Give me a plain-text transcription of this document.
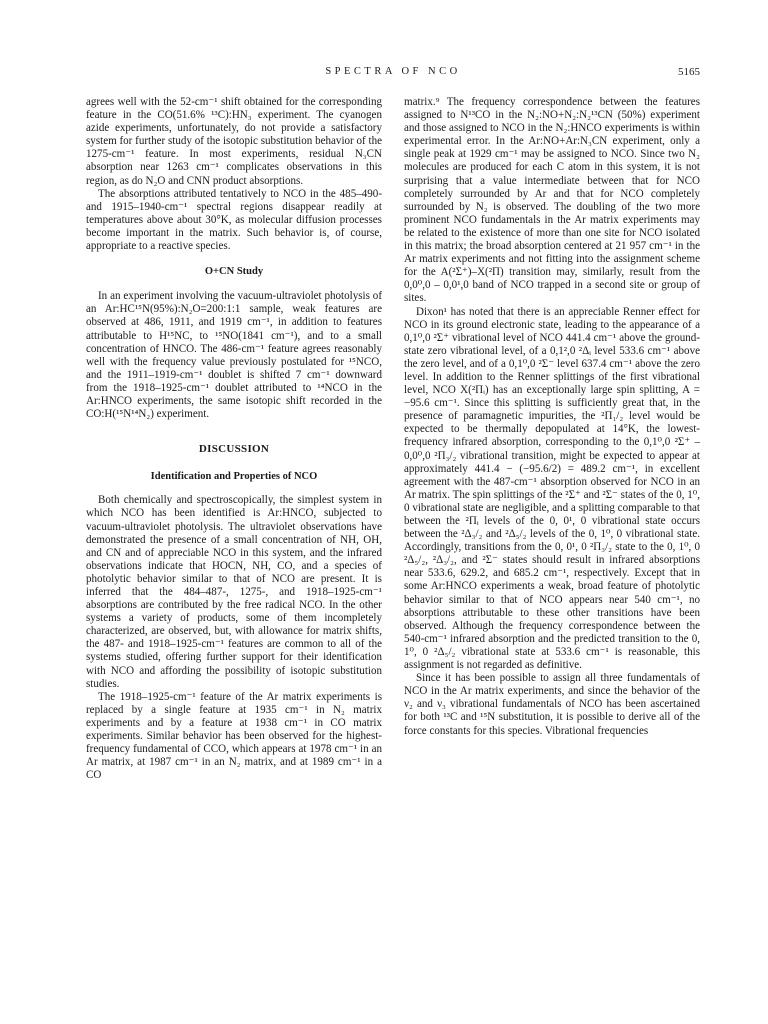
SPECTRA OF NCO	5165

agrees well with the 52-cm⁻¹ shift obtained for the corresponding feature in the CO(51.6% ¹³C):HN₃ experiment. The cyanogen azide experiments, unfortunately, do not provide a satisfactory system for further study of the isotopic substitution behavior of the 1275-cm⁻¹ feature. In most experiments, residual N₃CN absorption near 1263 cm⁻¹ complicates observations in this region, as do N₂O and CNN product absorptions.

The absorptions attributed tentatively to NCO in the 485–490- and 1915–1940-cm⁻¹ spectral regions disappear readily at temperatures above about 30°K, as molecular diffusion processes become important in the matrix. Such behavior is, of course, appropriate to a reactive species.

O+CN Study

In an experiment involving the vacuum-ultraviolet photolysis of an Ar:HC¹⁵N(95%):N₂O=200:1:1 sample, weak features are observed at 486, 1911, and 1919 cm⁻¹, in addition to features attributable to H¹⁵NC, to ¹⁵NO(1841 cm⁻¹), and to a small concentration of HNCO. The 486-cm⁻¹ feature agrees reasonably well with the frequency value previously postulated for ¹⁵NCO, and the 1911–1919-cm⁻¹ doublet is shifted 7 cm⁻¹ downward from the 1918–1925-cm⁻¹ doublet attributed to ¹⁴NCO in the Ar:HNCO experiments, the same isotopic shift recorded in the CO:H(¹⁵N¹⁴N₂) experiment.

DISCUSSION
Identification and Properties of NCO

Both chemically and spectroscopically, the simplest system in which NCO has been identified is Ar:HNCO, subjected to vacuum-ultraviolet photolysis. The ultraviolet observations have demonstrated the presence of a small concentration of NH, OH, and CN and of appreciable NCO in this system, and the infrared observations indicate that HOCN, NH, CO, and a species of photolytic behavior similar to that of NCO are present. It is inferred that the 484–487-, 1275-, and 1918–1925-cm⁻¹ absorptions are contributed by the free radical NCO. In the other systems a variety of products, some of them incompletely characterized, are observed, but, with allowance for matrix shifts, the 487- and 1918–1925-cm⁻¹ features are common to all of the systems studied, offering further support for their identification with NCO and affording the possibility of isotopic substitution studies.

The 1918–1925-cm⁻¹ feature of the Ar matrix experiments is replaced by a single feature at 1935 cm⁻¹ in N₂ matrix experiments and by a feature at 1938 cm⁻¹ in CO matrix experiments. Similar behavior has been observed for the highest-frequency fundamental of CCO, which appears at 1978 cm⁻¹ in an Ar matrix, at 1987 cm⁻¹ in an N₂ matrix, and at 1989 cm⁻¹ in a CO

matrix.⁹ The frequency correspondence between the features assigned to N¹³CO in the N₂:NO+N₂:N₂¹³CN (50%) experiment and those assigned to NCO in the N₂:HNCO experiments is within experimental error. In the Ar:NO+Ar:N₃CN experiment, only a single peak at 1929 cm⁻¹ may be assigned to NCO. Since two N₂ molecules are produced for each C atom in this system, it is not surprising that a value intermediate between that for NCO completely surrounded by Ar and that for NCO completely surrounded by N₂ is observed. The doubling of the two more prominent NCO fundamentals in the Ar matrix experiments may be related to the existence of more than one site for NCO isolated in this matrix; the broad absorption centered at 21 957 cm⁻¹ in the Ar matrix experiments and not fitting into the assignment scheme for the A(²Σ⁺)–X(²Π) transition may, similarly, result from the 0,0⁰,0 – 0,0¹,0 band of NCO trapped in a second site or group of sites.

Dixon¹ has noted that there is an appreciable Renner effect for NCO in its ground electronic state, leading to the appearance of a 0,1⁰,0 ²Σ⁺ vibrational level of NCO 441.4 cm⁻¹ above the ground-state zero vibrational level, of a 0,1²,0 ²Δᵢ level 533.6 cm⁻¹ above the zero level, and of a 0,1⁰,0 ²Σ⁻ level 637.4 cm⁻¹ above the zero level. In addition to the Renner splittings of the first vibrational level, NCO X(²Πᵢ) has an exceptionally large spin splitting, A = −95.6 cm⁻¹. Since this splitting is sufficiently great that, in the presence of paramagnetic impurities, the ²Π₁/₂ level would be expected to be thermally depopulated at 14°K, the lowest-frequency infrared absorption, corresponding to the 0,1⁰,0 ²Σ⁺ – 0,0⁰,0 ²Π₃/₂ vibrational transition, might be expected to appear at approximately 441.4 − (−95.6/2) = 489.2 cm⁻¹, in excellent agreement with the 487-cm⁻¹ absorption observed for NCO in an Ar matrix. The spin splittings of the ²Σ⁺ and ²Σ⁻ states of the 0, 1⁰, 0 vibrational state are negligible, and a splitting comparable to that between the ²Πᵢ levels of the 0, 0¹, 0 vibrational state occurs between the ²Δ₃/₂ and ²Δ₅/₂ levels of the 0, 1⁰, 0 vibrational state. Accordingly, transitions from the 0, 0¹, 0 ²Π₃/₂ state to the 0, 1⁰, 0 ²Δ₅/₂, ²Δ₃/₂, and ²Σ⁻ states should result in infrared absorptions near 533.6, 629.2, and 685.2 cm⁻¹, respectively. Except that in some Ar:HNCO experiments a weak, broad feature of photolytic behavior similar to that of NCO appears near 540 cm⁻¹, no absorptions attributable to these other transitions have been observed. Although the frequency correspondence between the 540-cm⁻¹ infrared absorption and the predicted transition to the 0, 1⁰, 0 ²Δ₅/₂ vibrational state at 533.6 cm⁻¹ is reasonable, this assignment is not regarded as definitive.

Since it has been possible to assign all three fundamentals of NCO in the Ar matrix experiments, and since the behavior of the ν₂ and ν₃ vibrational fundamentals of NCO has been ascertained for both ¹³C and ¹⁵N substitution, it is possible to derive all of the force constants for this species. Vibrational frequencies
